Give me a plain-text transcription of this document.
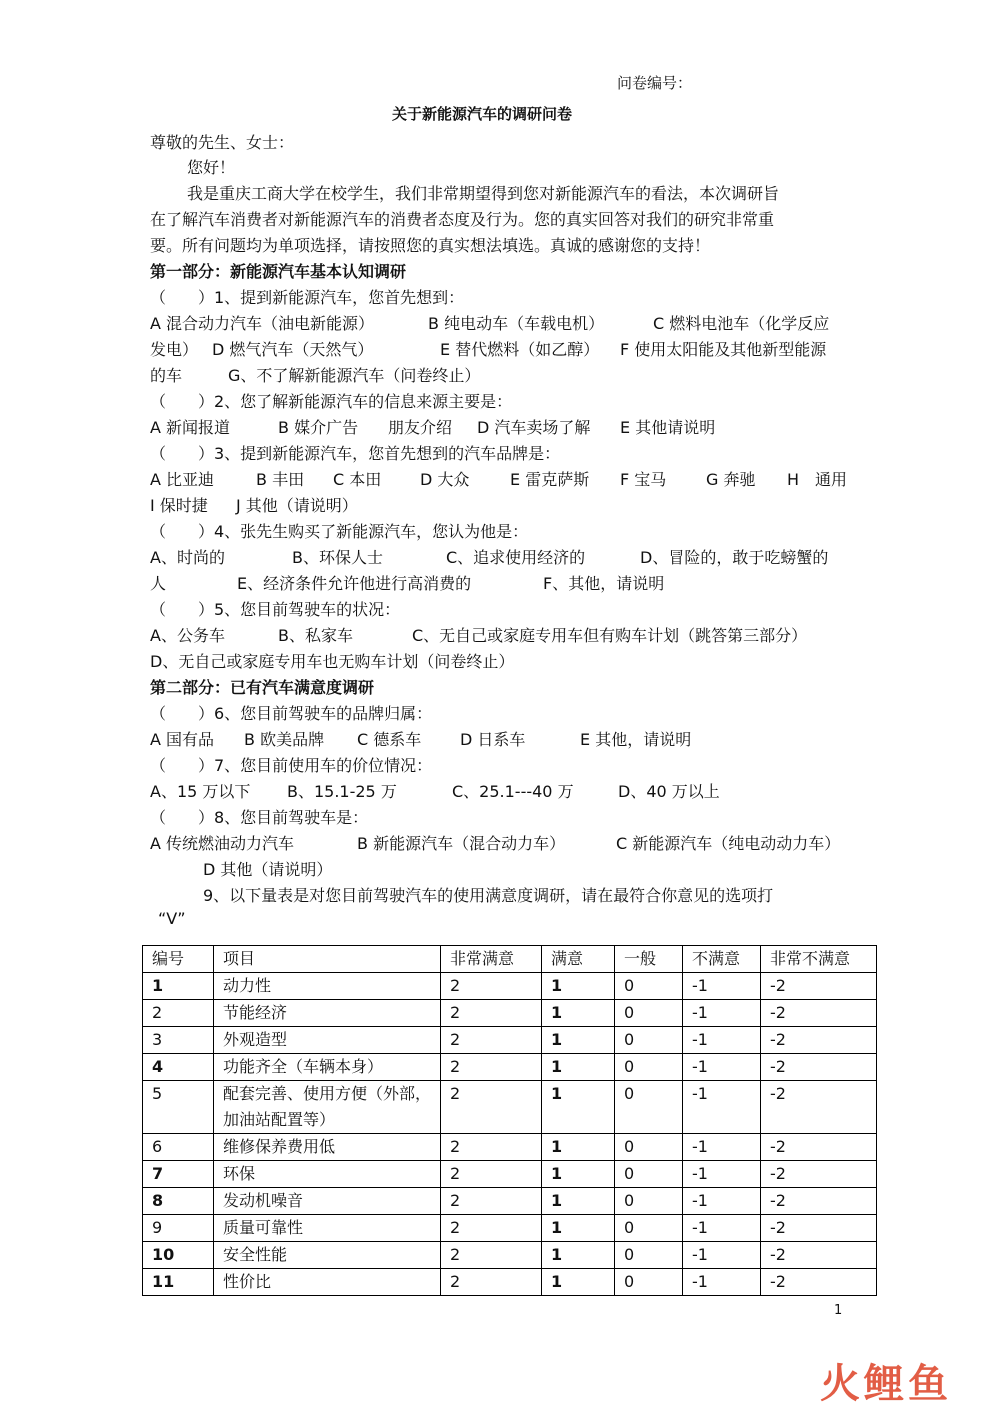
问卷编号：
关于新能源汽车的调研问卷
尊敬的先生、女士：
您好！
我是重庆工商大学在校学生，我们非常期望得到您对新能源汽车的看法，本次调研旨
在了解汽车消费者对新能源汽车的消费者态度及行为。您的真实回答对我们的研究非常重
要。所有问题均为单项选择，请按照您的真实想法填选。真诚的感谢您的支持！
第一部分：新能源汽车基本认知调研
（　　）1、提到新能源汽车，您首先想到：
A 混合动力汽车（油电新能源）	B 纯电动车（车载电机）	C 燃料电池车（化学反应
发电） D 燃气汽车（天然气）	E 替代燃料（如乙醇） F 使用太阳能及其他新型能源
的车	G、不了解新能源汽车（问卷终止）
（　　）2、您了解新能源汽车的信息来源主要是：
A 新闻报道	B 媒介广告 朋友介绍 D 汽车卖场了解 E 其他请说明
（　　）3、提到新能源汽车，您首先想到的汽车品牌是：
A 比亚迪	B 丰田 C 本田 D 大众	E 雷克萨斯 F 宝马 G 奔驰 H　通用
I 保时捷 J 其他（请说明）
（　　）4、张先生购买了新能源汽车，您认为他是：
A、时尚的	B、环保人士	C、追求使用经济的	D、冒险的，敢于吃螃蟹的
人	E、经济条件允许他进行高消费的	F、其他，请说明
（　　）5、您目前驾驶车的状况：
A、公务车	B、私家车	C、无自己或家庭专用车但有购车计划（跳答第三部分）
D、无自己或家庭专用车也无购车计划（问卷终止）
第二部分：已有汽车满意度调研
（　　）6、您目前驾驶车的品牌归属：
A 国有品 B 欧美品牌 C 德系车 D 日系车	E 其他，请说明
（　　）7、您目前使用车的价位情况：
A、15 万以下 B、15.1-25 万	C、25.1---40 万	D、40 万以上
（　　）8、您目前驾驶车是：
A 传统燃油动力汽车	B 新能源汽车（混合动力车）	C 新能源汽车（纯电动动力车）
D 其他（请说明）
9、以下量表是对您目前驾驶汽车的使用满意度调研，请在最符合你意见的选项打
“V”
编号	项目	非常满意	满意	一般	不满意	非常不满意
1	动力性	2	1	0	-1	-2
2	节能经济	2	1	0	-1	-2
3	外观造型	2	1	0	-1	-2
4	功能齐全（车辆本身）	2	1	0	-1	-2
5	配套完善、使用方便（外部，加油站配置等）	2	1	0	-1	-2
6	维修保养费用低	2	1	0	-1	-2
7	环保	2	1	0	-1	-2
8	发动机噪音	2	1	0	-1	-2
9	质量可靠性	2	1	0	-1	-2
10	安全性能	2	1	0	-1	-2
11	性价比	2	1	0	-1	-2
1
火鲤鱼
